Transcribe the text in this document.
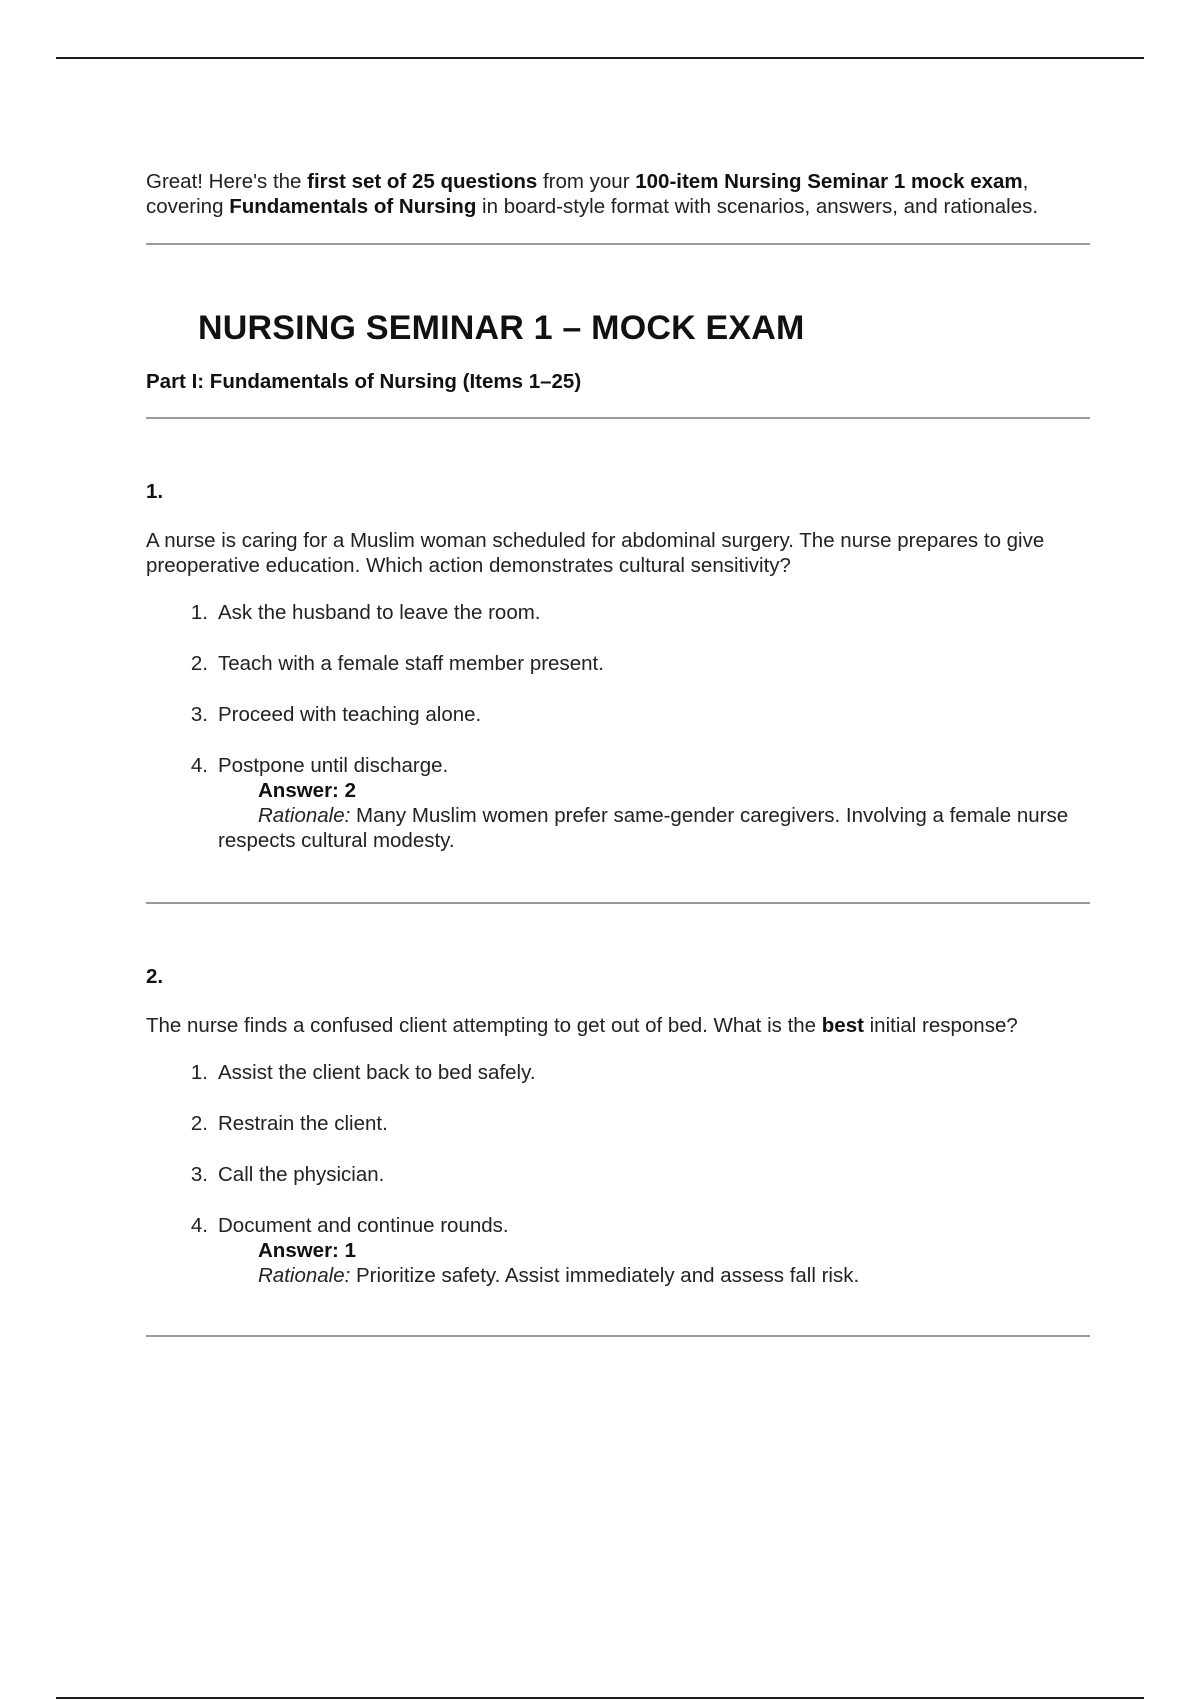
Great! Here's the first set of 25 questions from your 100-item Nursing Seminar 1 mock exam, covering Fundamentals of Nursing in board-style format with scenarios, answers, and rationales.

NURSING SEMINAR 1 – MOCK EXAM
Part I: Fundamentals of Nursing (Items 1–25)

1.

A nurse is caring for a Muslim woman scheduled for abdominal surgery. The nurse prepares to give preoperative education. Which action demonstrates cultural sensitivity?

1. Ask the husband to leave the room.
2. Teach with a female staff member present.
3. Proceed with teaching alone.
4. Postpone until discharge.
Answer: 2
Rationale: Many Muslim women prefer same-gender caregivers. Involving a female nurse respects cultural modesty.

2.

The nurse finds a confused client attempting to get out of bed. What is the best initial response?

1. Assist the client back to bed safely.
2. Restrain the client.
3. Call the physician.
4. Document and continue rounds.
Answer: 1
Rationale: Prioritize safety. Assist immediately and assess fall risk.
